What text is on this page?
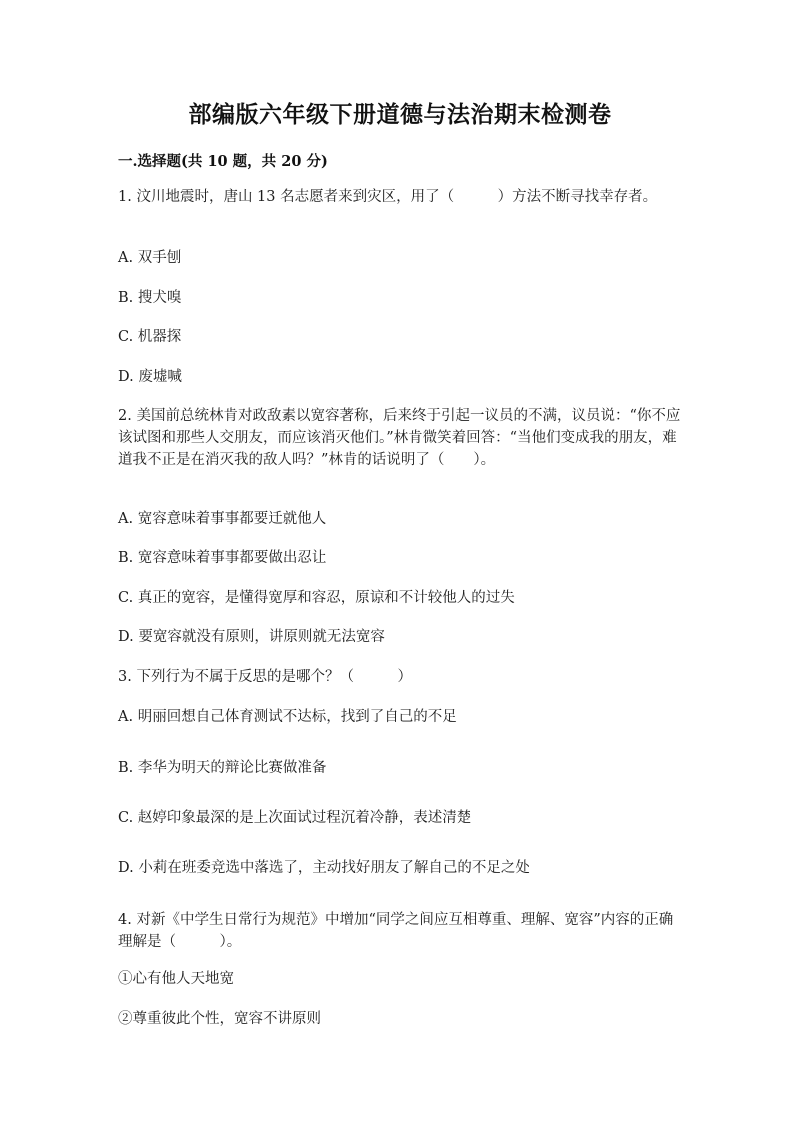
部编版六年级下册道德与法治期末检测卷
一.选择题(共 10 题，共 20 分)
1. 汶川地震时，唐山 13 名志愿者来到灾区，用了（　　　）方法不断寻找幸存者。
A. 双手刨
B. 搜犬嗅
C. 机器探
D. 废墟喊
2. 美国前总统林肯对政敌素以宽容著称，后来终于引起一议员的不满，议员说：“你不应该试图和那些人交朋友，而应该消灭他们。”林肯微笑着回答：“当他们变成我的朋友，难道我不正是在消灭我的敌人吗？”林肯的话说明了（　　）。
A. 宽容意味着事事都要迁就他人
B. 宽容意味着事事都要做出忍让
C. 真正的宽容，是懂得宽厚和容忍，原谅和不计较他人的过失
D. 要宽容就没有原则，讲原则就无法宽容
3. 下列行为不属于反思的是哪个？（　　　）
A. 明丽回想自己体育测试不达标，找到了自己的不足
B. 李华为明天的辩论比赛做准备
C. 赵婷印象最深的是上次面试过程沉着冷静，表述清楚
D. 小莉在班委竞选中落选了，主动找好朋友了解自己的不足之处
4. 对新《中学生日常行为规范》中增加“同学之间应互相尊重、理解、宽容”内容的正确理解是（　　　）。
①心有他人天地宽
②尊重彼此个性，宽容不讲原则
